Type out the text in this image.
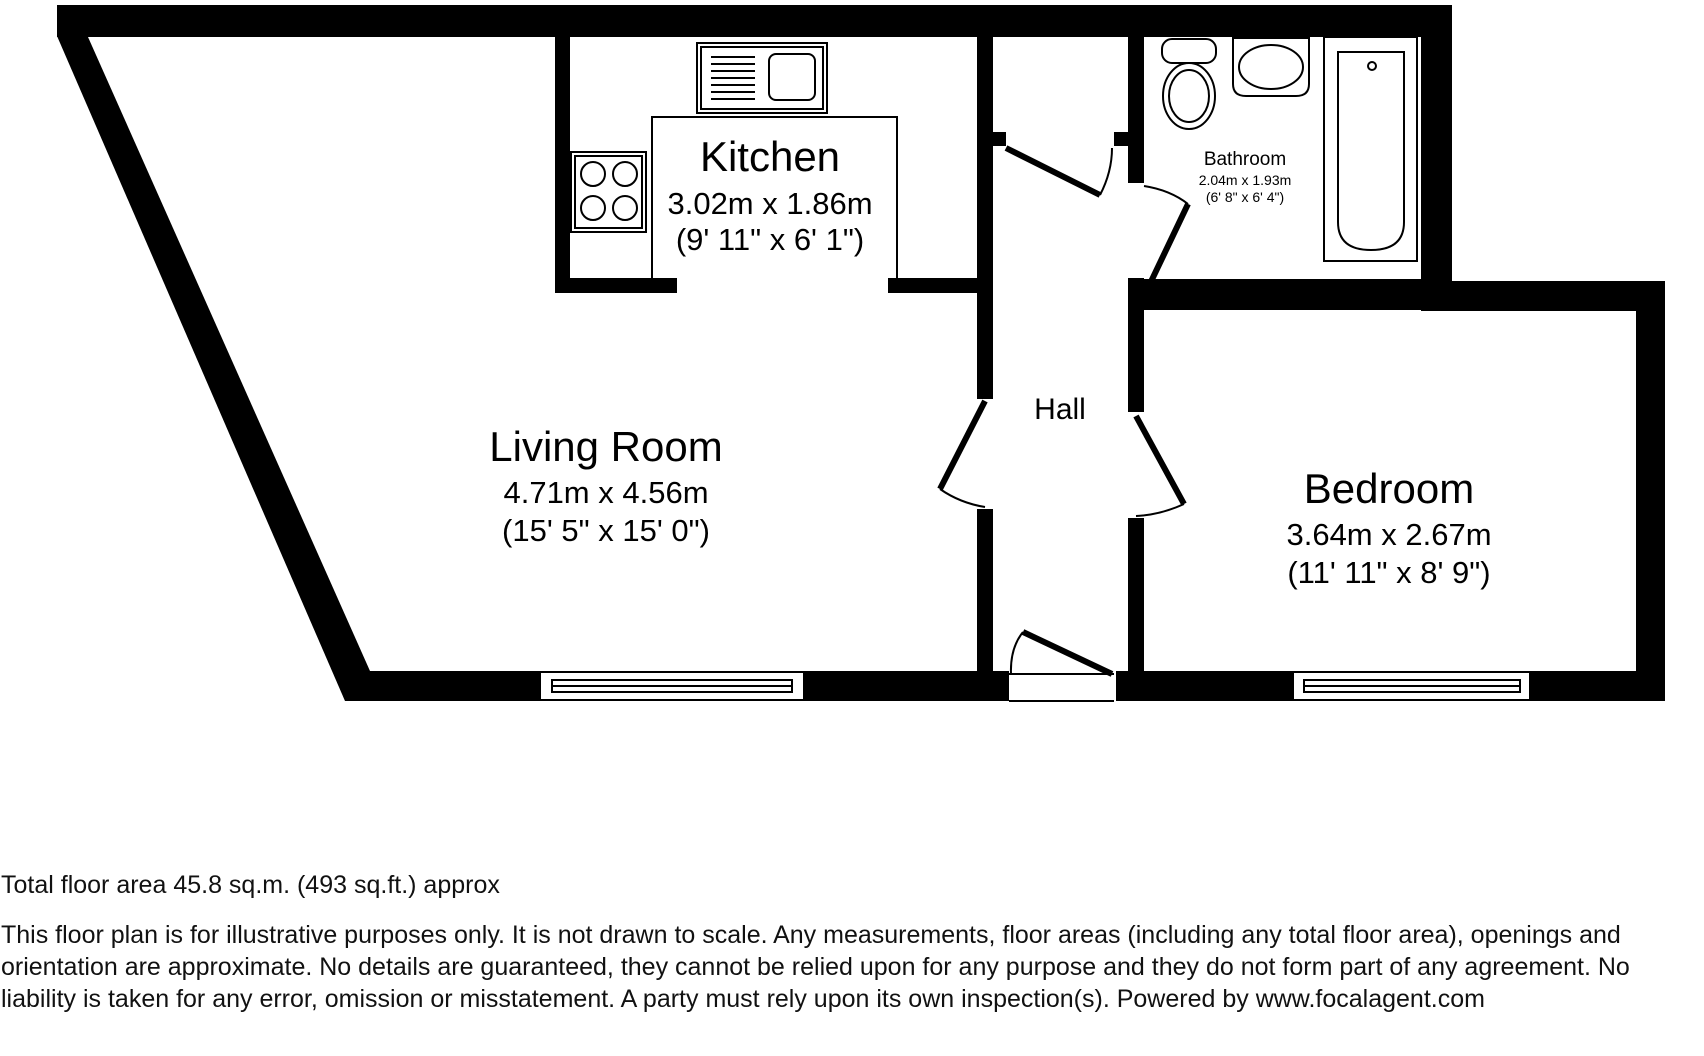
Kitchen
3.02m x 1.86m
(9' 11" x 6' 1")
Living Room
4.71m x 4.56m
(15' 5" x 15' 0")
Bathroom
2.04m x 1.93m
(6' 8" x 6' 4")
Hall
Bedroom
3.64m x 2.67m
(11' 11" x 8' 9")
Total floor area 45.8 sq.m. (493 sq.ft.) approx
This floor plan is for illustrative purposes only. It is not drawn to scale. Any measurements, floor areas (including any total floor area), openings and orientation are approximate. No details are guaranteed, they cannot be relied upon for any purpose and they do not form part of any agreement. No liability is taken for any error, omission or misstatement. A party must rely upon its own inspection(s). Powered by www.focalagent.com
